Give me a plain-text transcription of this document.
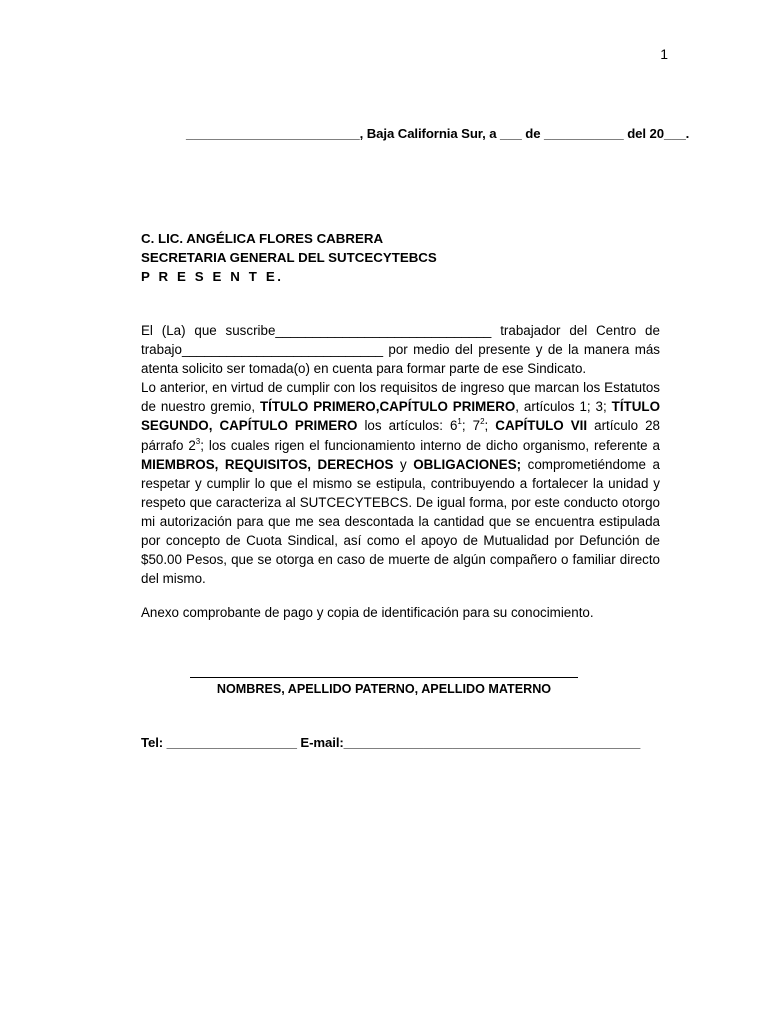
1
________________________, Baja California Sur, a ___ de ___________ del 20___.
C. LIC. ANGÉLICA FLORES CABRERA
SECRETARIA GENERAL DEL SUTCECYTEBCS
P R E S E N T E.
El (La) que suscribe_____________________________ trabajador del Centro de

trabajo___________________________ por medio del presente y de la manera más atenta solicito ser tomada(o) en cuenta para formar parte de ese Sindicato.

Lo anterior, en virtud de cumplir con los requisitos de ingreso que marcan los Estatutos de nuestro gremio, TÍTULO PRIMERO,CAPÍTULO PRIMERO, artículos 1; 3; TÍTULO SEGUNDO, CAPÍTULO PRIMERO los artículos: $6^1$; $7^2$; CAPÍTULO VII artículo 28 párrafo $2^3$; los cuales rigen el funcionamiento interno de dicho organismo, referente a MIEMBROS, REQUISITOS, DERECHOS y OBLIGACIONES; comprometiéndome a respetar y cumplir lo que el mismo se estipula, contribuyendo a fortalecer la unidad y respeto que caracteriza al SUTCECYTEBCS. De igual forma, por este conducto otorgo mi autorización para que me sea descontada la cantidad que se encuentra estipulada por concepto de Cuota Sindical, así como el apoyo de Mutualidad por Defunción de $50.00 Pesos, que se otorga en caso de muerte de algún compañero o familiar directo del mismo.

Anexo comprobante de pago y copia de identificación para su conocimiento.
NOMBRES, APELLIDO PATERNO, APELLIDO MATERNO
Tel: __________________ E-mail:_________________________________________
